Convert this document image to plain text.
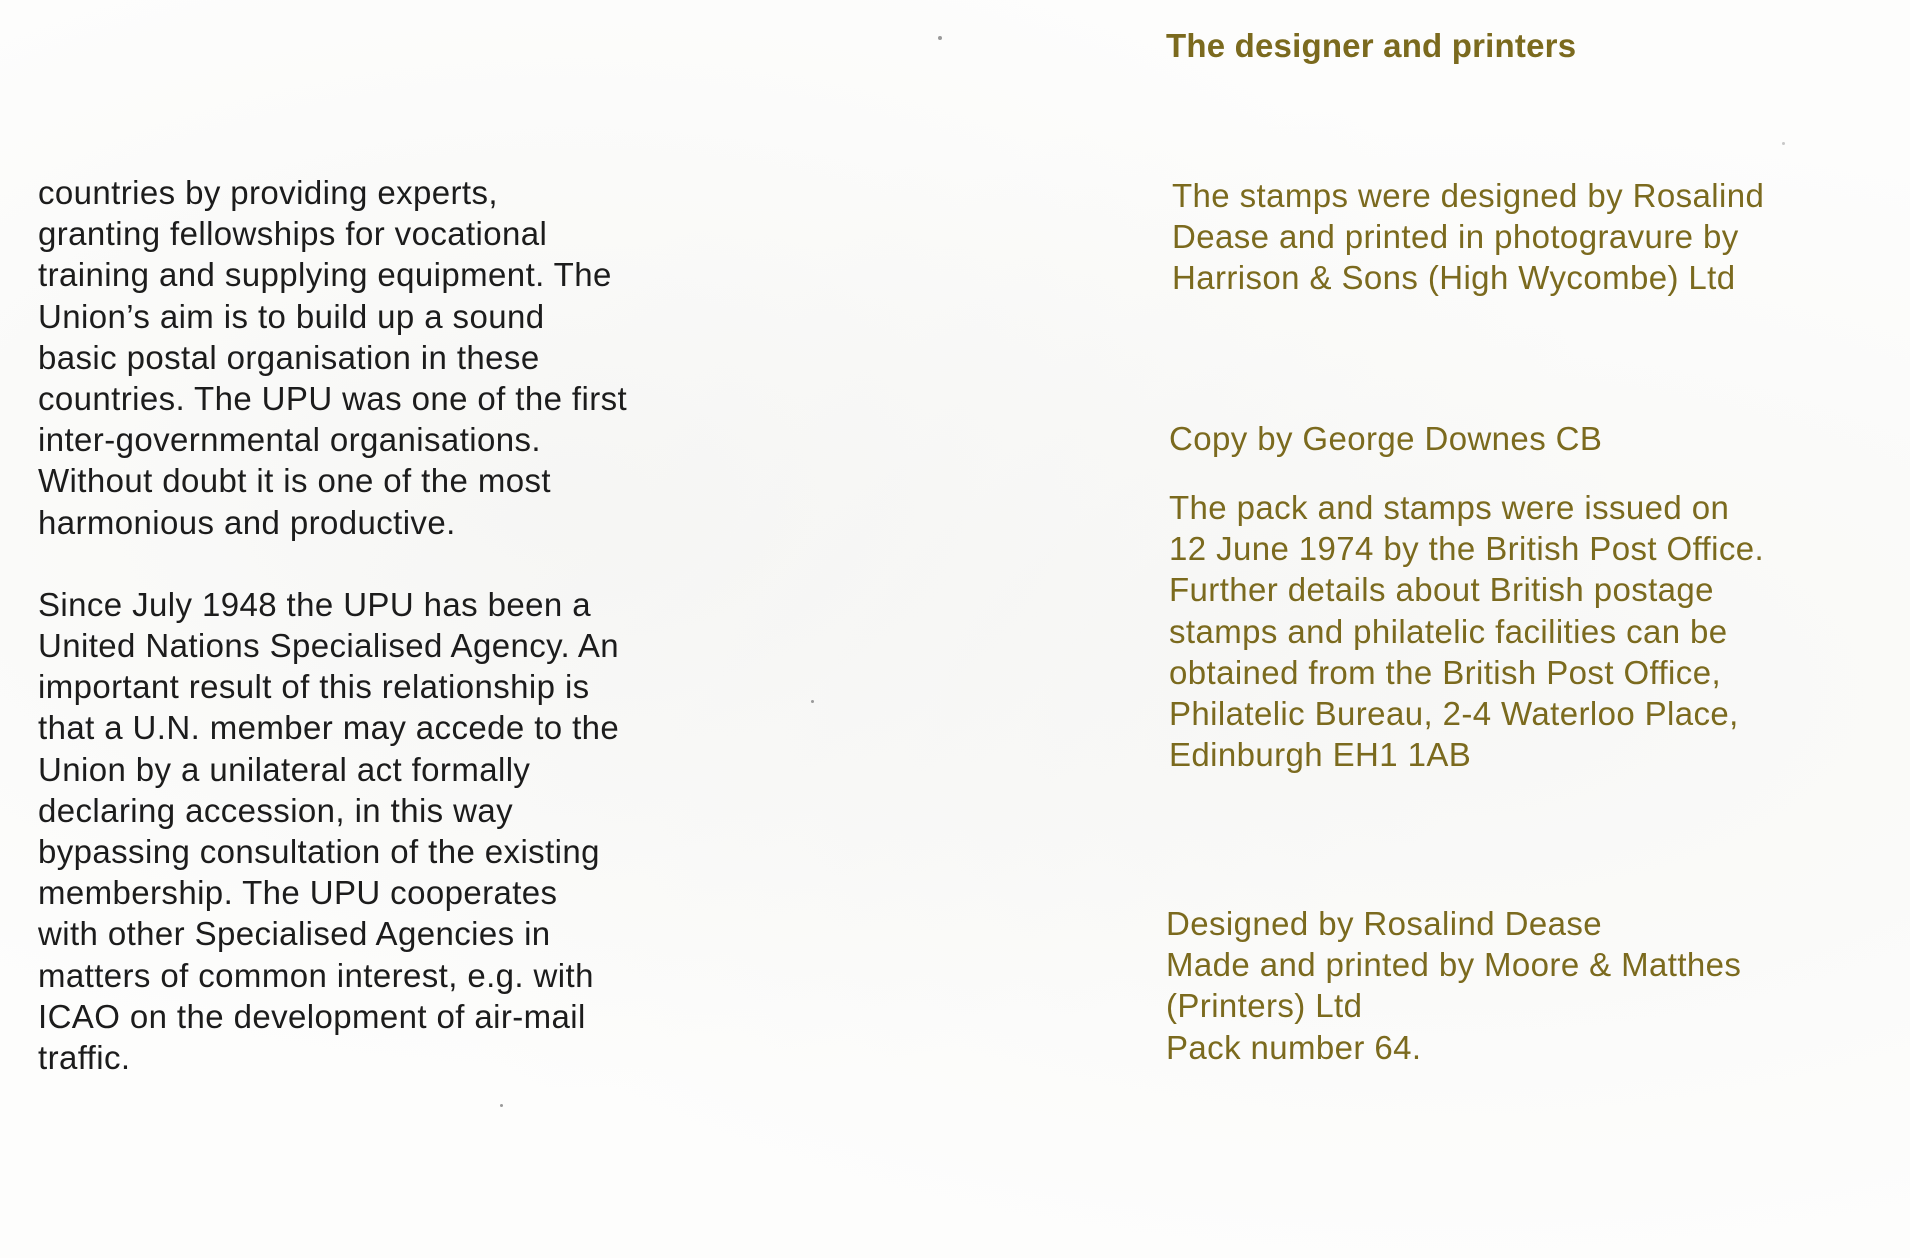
countries by providing experts,
granting fellowships for vocational
training and supplying equipment. The
Union’s aim is to build up a sound
basic postal organisation in these
countries. The UPU was one of the first
inter-governmental organisations.
Without doubt it is one of the most
harmonious and productive.

Since July 1948 the UPU has been a
United Nations Specialised Agency. An
important result of this relationship is
that a U.N. member may accede to the
Union by a unilateral act formally
declaring accession, in this way
bypassing consultation of the existing
membership. The UPU cooperates
with other Specialised Agencies in
matters of common interest, e.g. with
ICAO on the development of air-mail
traffic.

The designer and printers

The stamps were designed by Rosalind
Dease and printed in photogravure by
Harrison & Sons (High Wycombe) Ltd

Copy by George Downes CB

The pack and stamps were issued on
12 June 1974 by the British Post Office.
Further details about British postage
stamps and philatelic facilities can be
obtained from the British Post Office,
Philatelic Bureau, 2-4 Waterloo Place,
Edinburgh EH1 1AB

Designed by Rosalind Dease
Made and printed by Moore & Matthes
(Printers) Ltd
Pack number 64.
